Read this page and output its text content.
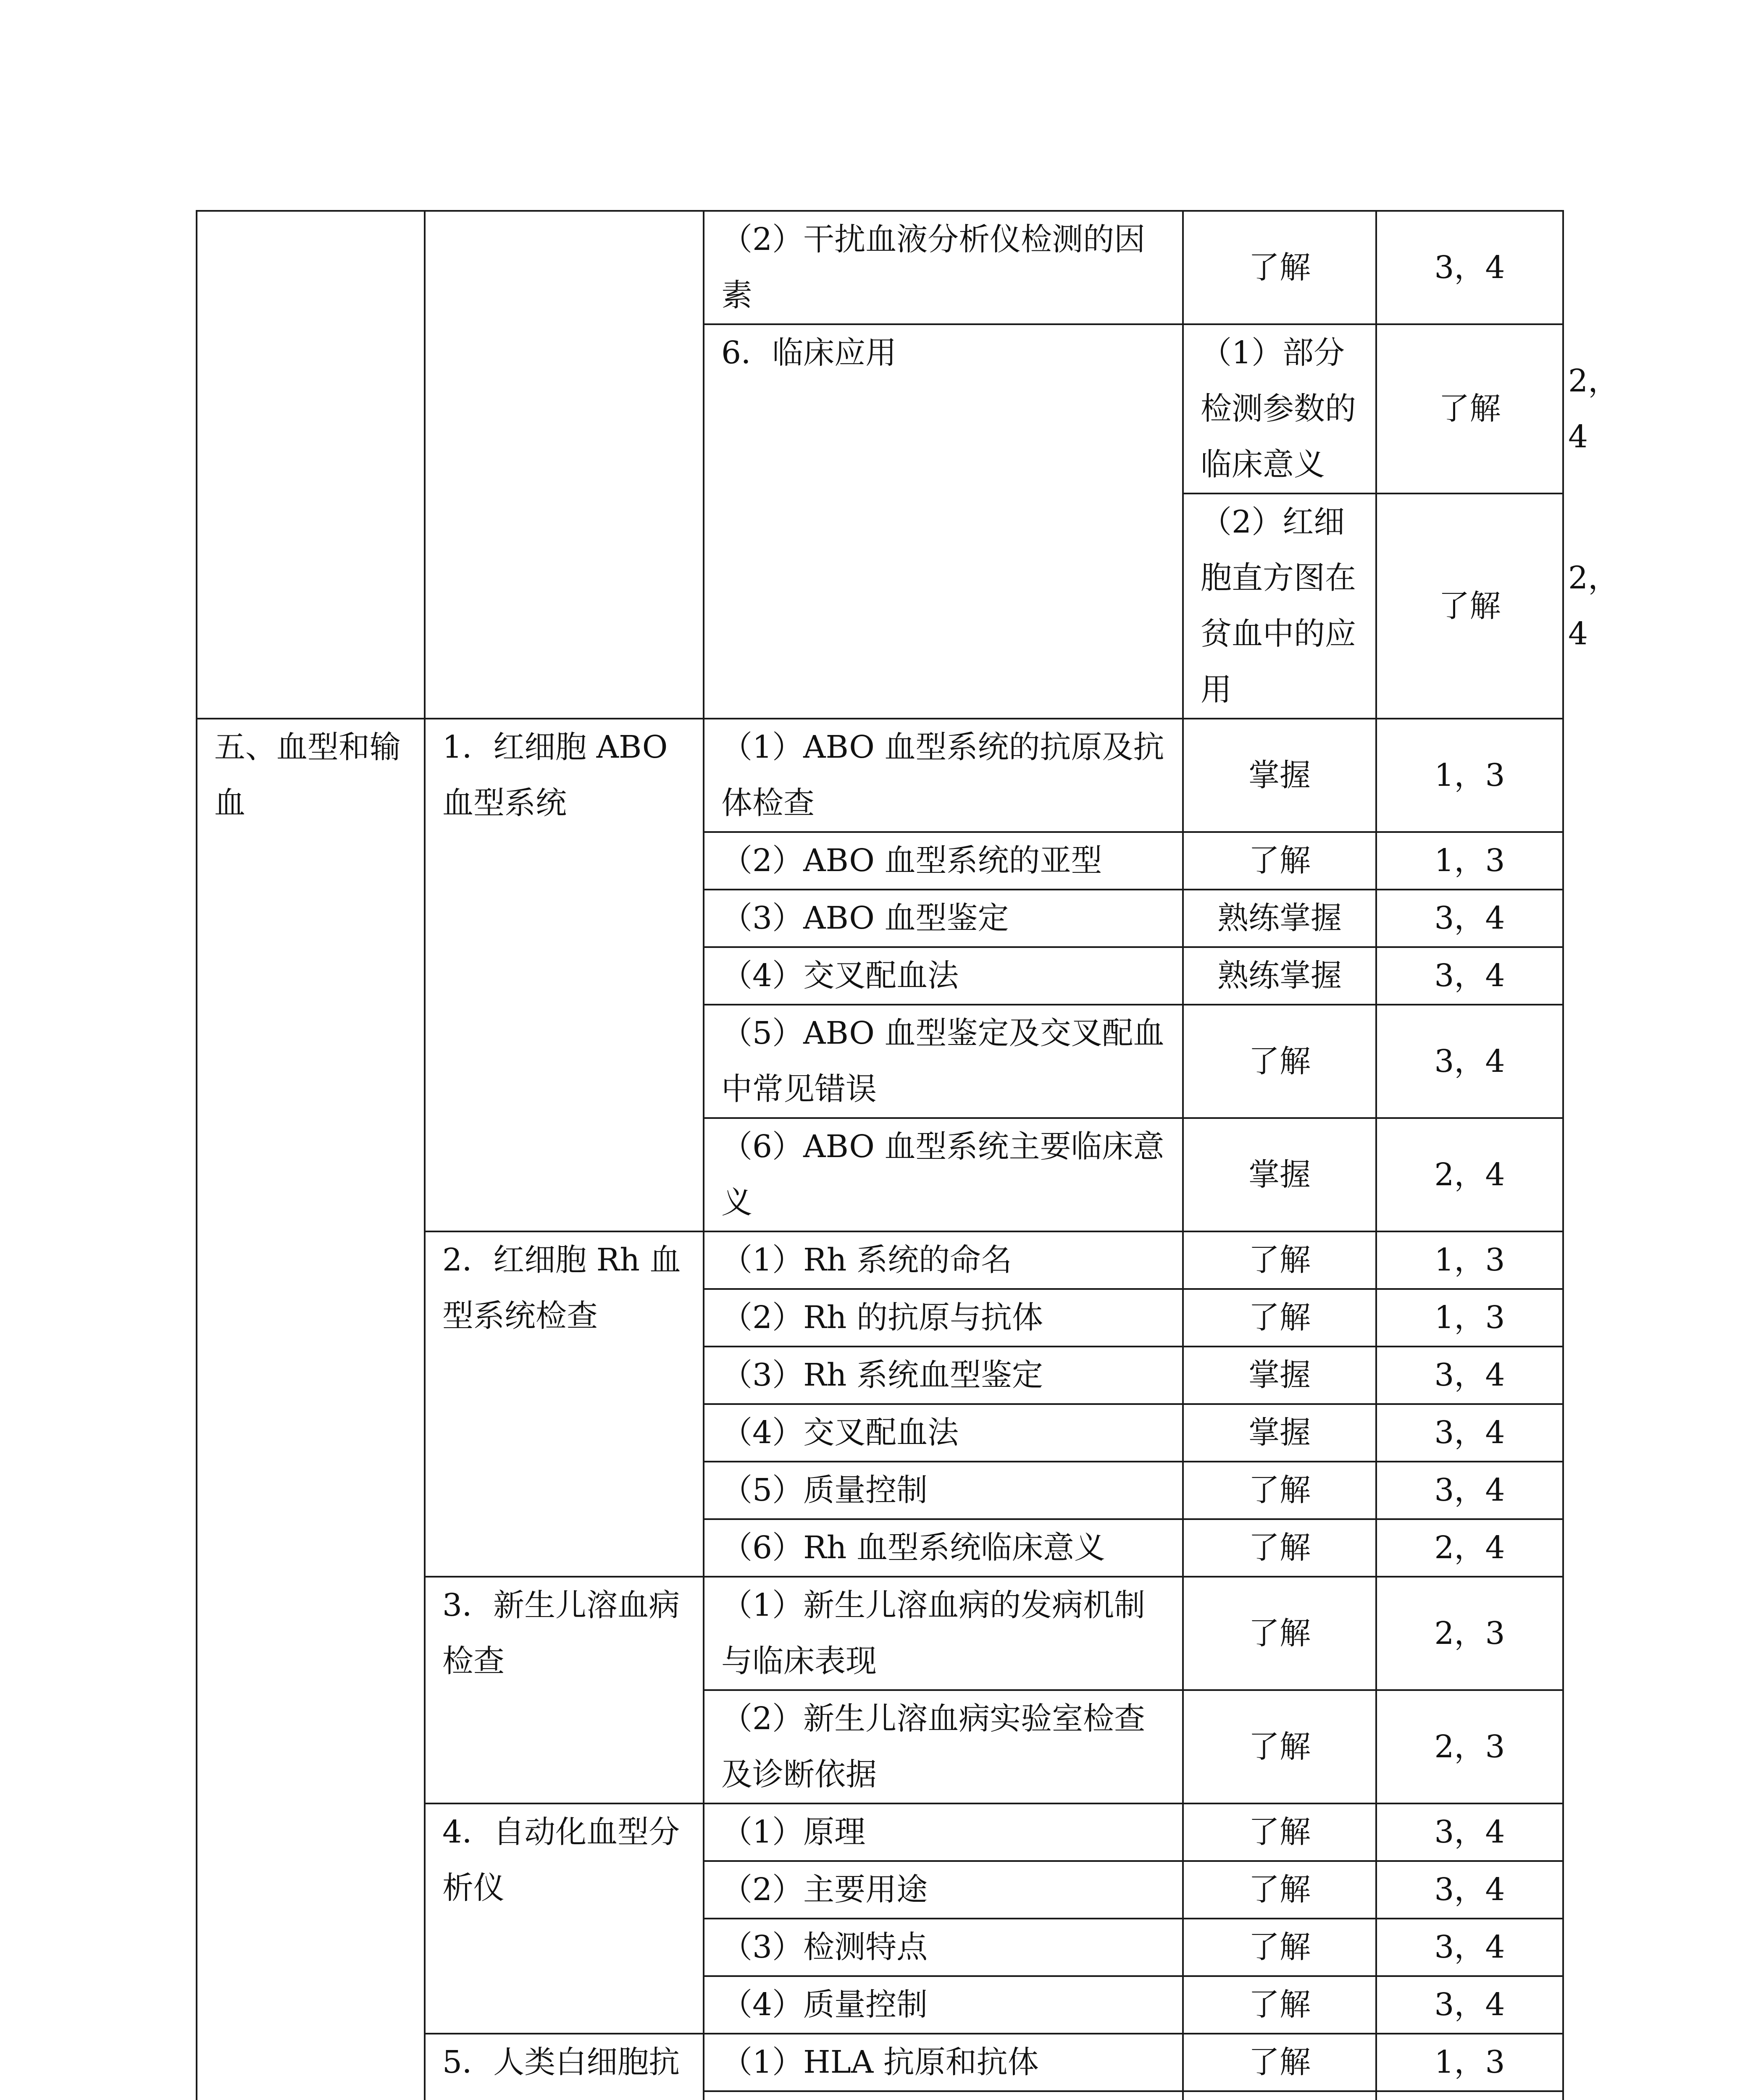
		（2）干扰血液分析仪检测的因素	了解	3，4	
		6．临床应用	（1）部分检测参数的临床意义	了解	2，4
			（2）红细胞直方图在贫血中的应用	了解	2，4
五、血型和输血	1．红细胞 ABO 血型系统	（1）ABO 血型系统的抗原及抗体检查	掌握	1，3	
		（2）ABO 血型系统的亚型	了解	1，3	
		（3）ABO 血型鉴定	熟练掌握	3，4	
		（4）交叉配血法	熟练掌握	3，4	
		（5）ABO 血型鉴定及交叉配血中常见错误	了解	3，4	
		（6）ABO 血型系统主要临床意义	掌握	2，4	
	2．红细胞 Rh 血型系统检查	（1）Rh 系统的命名	了解	1，3	
		（2）Rh 的抗原与抗体	了解	1，3	
		（3）Rh 系统血型鉴定	掌握	3，4	
		（4）交叉配血法	掌握	3，4	
		（5）质量控制	了解	3，4	
		（6）Rh 血型系统临床意义	了解	2，4	
	3．新生儿溶血病检查	（1）新生儿溶血病的发病机制与临床表现	了解	2，3	
		（2）新生儿溶血病实验室检查及诊断依据	了解	2，3	
	4．自动化血型分析仪	（1）原理	了解	3，4	
		（2）主要用途	了解	3，4	
		（3）检测特点	了解	3，4	
		（4）质量控制	了解	3，4	
	5．人类白细胞抗	（1）HLA 抗原和抗体	了解	1，3	
